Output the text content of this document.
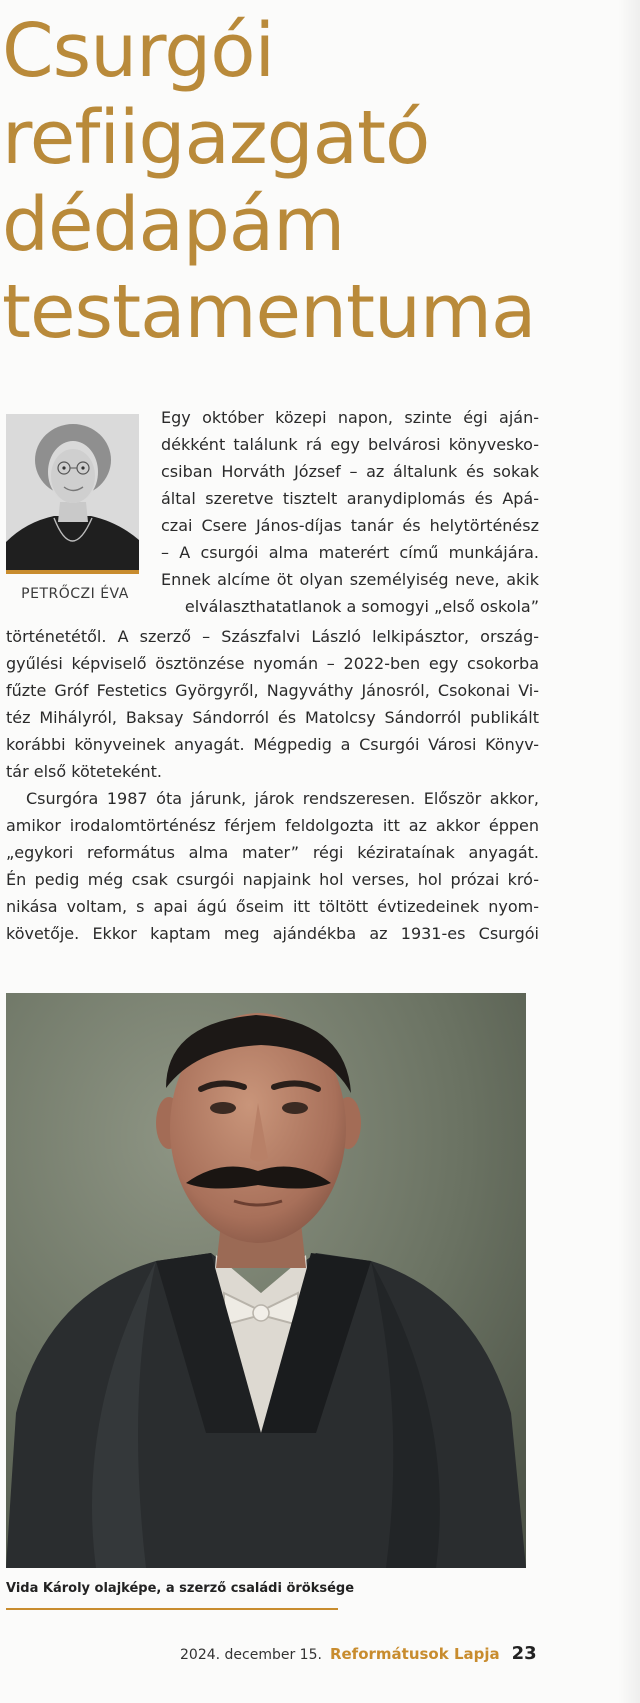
Csurgói refiigazgató dédapám testamentuma
PETRŐCZI ÉVA
Egy október közepi napon, szinte égi aján-
dékként találunk rá egy belvárosi könyvesko-
csiban Horváth József – az általunk és sokak
által szeretve tisztelt aranydiplomás és Apá-
czai Csere János-díjas tanár és helytörténész
– A csurgói alma materért című munkájára.
Ennek alcíme öt olyan személyiség neve, akik
elválaszthatatlanok a somogyi „első oskola”

történetétől. A szerző – Szászfalvi László lelkipásztor, ország-
gyűlési képviselő ösztönzése nyomán – 2022-ben egy csokorba
fűzte Gróf Festetics Györgyről, Nagyváthy Jánosról, Csokonai Vi-
téz Mihályról, Baksay Sándorról és Matolcsy Sándorról publikált
korábbi könyveinek anyagát. Mégpedig a Csurgói Városi Könyv-
tár első köteteként.

Csurgóra 1987 óta járunk, járok rendszeresen. Először akkor,
amikor irodalomtörténész férjem feldolgozta itt az akkor éppen
„egykori református alma mater” régi kézirataínak anyagát.
Én pedig még csak csurgói napjaink hol verses, hol prózai kró-
nikása voltam, s apai ágú őseim itt töltött évtizedeinek nyom-
követője. Ekkor kaptam meg ajándékba az 1931-es Csurgói

Vida Károly olajképe, a szerző családi öröksége
2024. december 15. Reformátusok Lapja 23
